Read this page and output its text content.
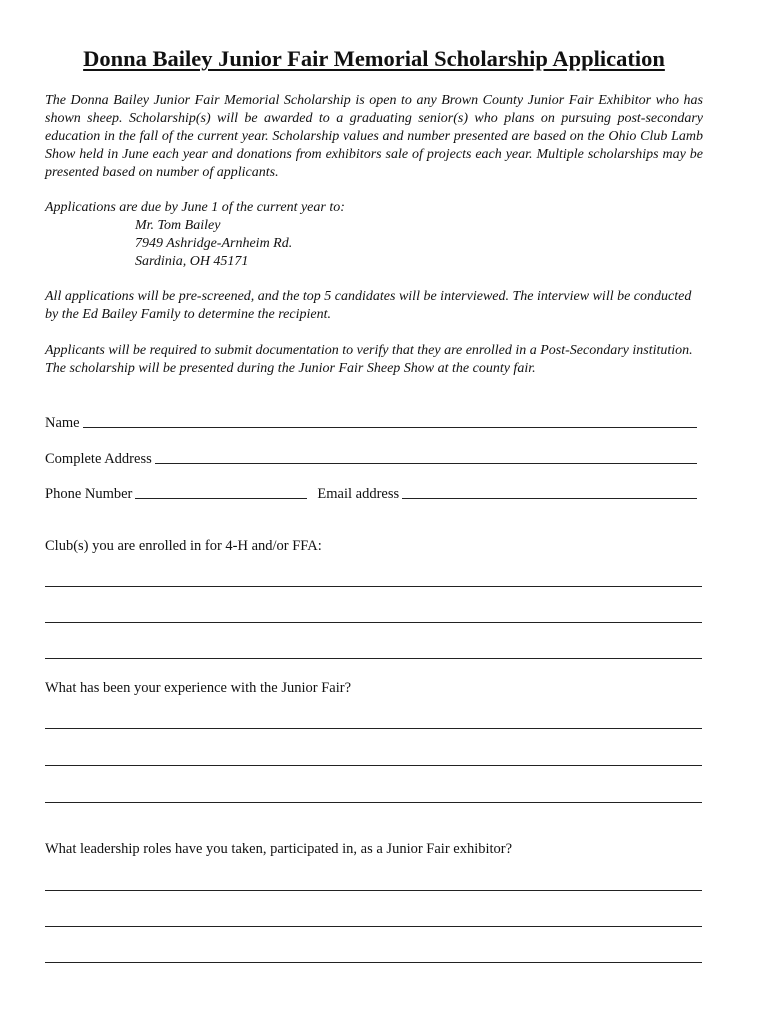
Donna Bailey Junior Fair Memorial Scholarship Application
The Donna Bailey Junior Fair Memorial Scholarship is open to any Brown County Junior Fair Exhibitor who has shown sheep. Scholarship(s) will be awarded to a graduating senior(s) who plans on pursuing post-secondary education in the fall of the current year. Scholarship values and number presented are based on the Ohio Club Lamb Show held in June each year and donations from exhibitors sale of projects each year. Multiple scholarships may be presented based on number of applicants.
Applications are due by June 1 of the current year to:
Mr. Tom Bailey
7949 Ashridge-Arnheim Rd.
Sardinia, OH 45171
All applications will be pre-screened, and the top 5 candidates will be interviewed. The interview will be conducted by the Ed Bailey Family to determine the recipient.
Applicants will be required to submit documentation to verify that they are enrolled in a Post-Secondary institution. The scholarship will be presented during the Junior Fair Sheep Show at the county fair.
Name
Complete Address
Phone Number	Email address
Club(s) you are enrolled in for 4-H and/or FFA:
What has been your experience with the Junior Fair?
What leadership roles have you taken, participated in, as a Junior Fair exhibitor?
